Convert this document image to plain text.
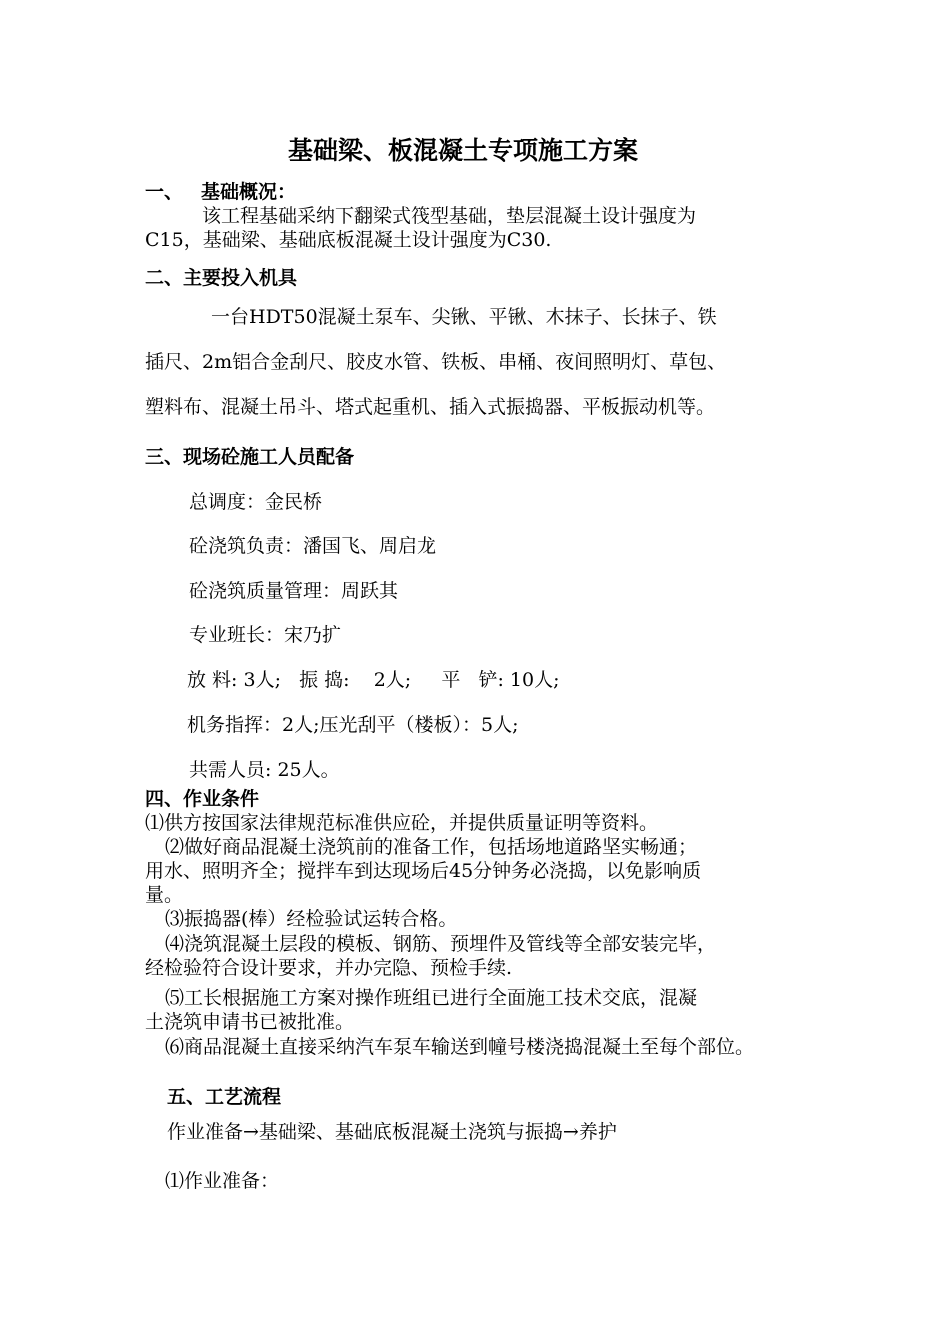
基础梁、板混凝土专项施工方案
一、 基础概况：
该工程基础采纳下翻梁式筏型基础，垫层混凝土设计强度为
C15，基础梁、基础底板混凝土设计强度为C30.
二、主要投入机具
一台HDT50混凝土泵车、尖锹、平锹、木抹子、长抹子、铁
插尺、2m铝合金刮尺、胶皮水管、铁板、串桶、夜间照明灯、草包、
塑料布、混凝土吊斗、塔式起重机、插入式振捣器、平板振动机等。
三、现场砼施工人员配备
总调度：金民桥
砼浇筑负责：潘国飞、周启龙
砼浇筑质量管理：周跃其
专业班长：宋乃扩
放 料: 3人;   振 捣:    2人;     平   铲: 10人;
机务指挥：2人;压光刮平（楼板）：5人;
共需人员: 25人。
四、作业条件
⑴供方按国家法律规范标准供应砼，并提供质量证明等资料。
⑵做好商品混凝土浇筑前的准备工作，包括场地道路坚实畅通；
用水、照明齐全；搅拌车到达现场后45分钟务必浇捣，以免影响质
量。
⑶振捣器(棒）经检验试运转合格。
⑷浇筑混凝土层段的模板、钢筋、预埋件及管线等全部安装完毕，
经检验符合设计要求，并办完隐、预检手续.
⑸工长根据施工方案对操作班组已进行全面施工技术交底，混凝
土浇筑申请书已被批准。
⑹商品混凝土直接采纳汽车泵车输送到幢号楼浇捣混凝土至每个部位。
五、工艺流程
作业准备→基础梁、基础底板混凝土浇筑与振捣→养护
⑴作业准备：
